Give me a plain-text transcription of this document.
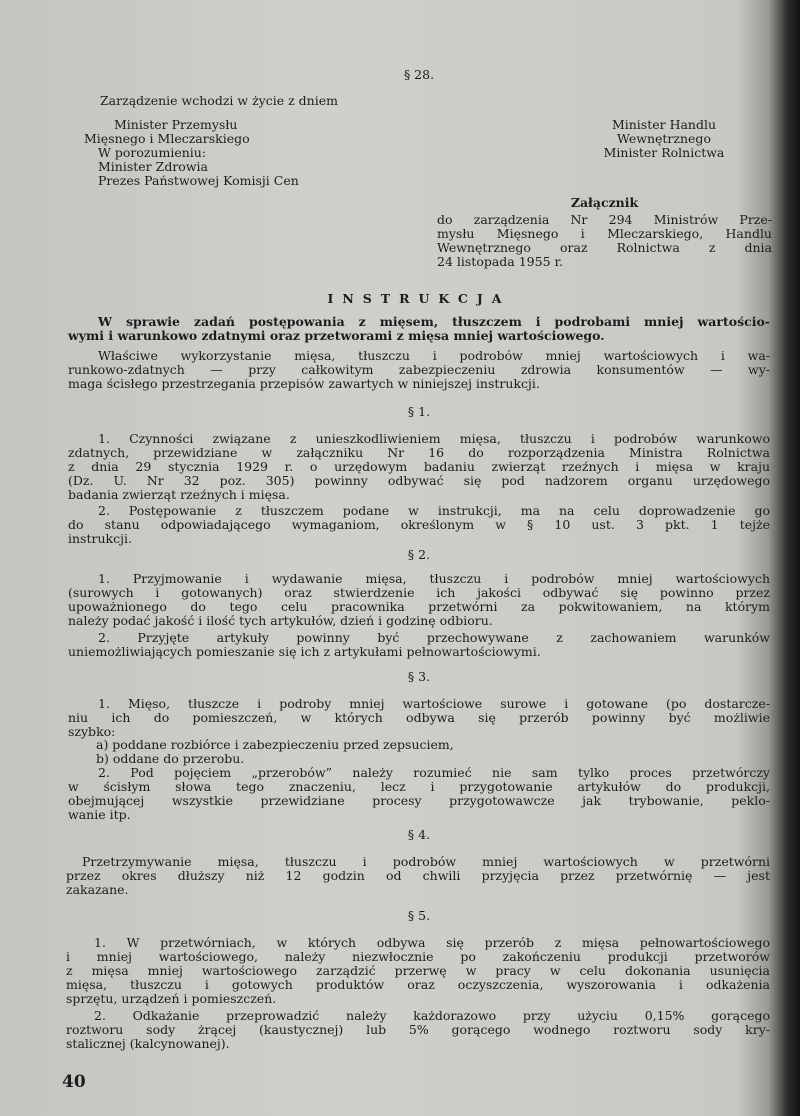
§ 28.
Zarządzenie wchodzi w życie z dniem
Minister Przemysłu
Mięsnego i Mleczarskiego
W porozumieniu:
Minister Zdrowia
Prezes Państwowej Komisji Cen
Minister Handlu
Wewnętrznego
Minister Rolnictwa
Załącznik
do zarządzenia Nr 294 Ministrów Prze-
mysłu Mięsnego i Mleczarskiego, Handlu
Wewnętrznego oraz Rolnictwa z dnia
24 listopada 1955 r.
INSTRUKCJA
W sprawie zadań postępowania z mięsem, tłuszczem i podrobami mniej wartościo-
wymi i warunkowo zdatnymi oraz przetworami z mięsa mniej wartościowego.
Właściwe wykorzystanie mięsa, tłuszczu i podrobów mniej wartościowych i wa-
runkowo-zdatnych — przy całkowitym zabezpieczeniu zdrowia konsumentów — wy-
maga ścisłego przestrzegania przepisów zawartych w niniejszej instrukcji.
§ 1.
1. Czynności związane z unieszkodliwieniem mięsa, tłuszczu i podrobów warunkowo
zdatnych, przewidziane w załączniku Nr 16 do rozporządzenia Ministra Rolnictwa
z dnia 29 stycznia 1929 r. o urzędowym badaniu zwierząt rzeźnych i mięsa w kraju
(Dz. U. Nr 32 poz. 305) powinny odbywać się pod nadzorem organu urzędowego
badania zwierząt rzeźnych i mięsa.
2. Postępowanie z tłuszczem podane w instrukcji, ma na celu doprowadzenie go
do stanu odpowiadającego wymaganiom, określonym w § 10 ust. 3 pkt. 1 tejże
instrukcji.
§ 2.
1. Przyjmowanie i wydawanie mięsa, tłuszczu i podrobów mniej wartościowych
(surowych i gotowanych) oraz stwierdzenie ich jakości odbywać się powinno przez
upoważnionego do tego celu pracownika przetwórni za pokwitowaniem, na którym
należy podać jakość i ilość tych artykułów, dzień i godzinę odbioru.
2. Przyjęte artykuły powinny być przechowywane z zachowaniem warunków
uniemożliwiających pomieszanie się ich z artykułami pełnowartościowymi.
§ 3.
1. Mięso, tłuszcze i podroby mniej wartościowe surowe i gotowane (po dostarcze-
niu ich do pomieszczeń, w których odbywa się przerób powinny być możliwie
szybko:
a) poddane rozbiórce i zabezpieczeniu przed zepsuciem,
b) oddane do przerobu.
2. Pod pojęciem „przerobów” należy rozumieć nie sam tylko proces przetwórczy
w ścisłym słowa tego znaczeniu, lecz i przygotowanie artykułów do produkcji,
obejmującej wszystkie przewidziane procesy przygotowawcze jak trybowanie, peklo-
wanie itp.
§ 4.
Przetrzymywanie mięsa, tłuszczu i podrobów mniej wartościowych w przetwórni
przez okres dłuższy niż 12 godzin od chwili przyjęcia przez przetwórnię — jest
zakazane.
§ 5.
1. W przetwórniach, w których odbywa się przerób z mięsa pełnowartościowego
i mniej wartościowego, należy niezwłocznie po zakończeniu produkcji przetworów
z mięsa mniej wartościowego zarządzić przerwę w pracy w celu dokonania usunięcia
mięsa, tłuszczu i gotowych produktów oraz oczyszczenia, wyszorowania i odkażenia
sprzętu, urządzeń i pomieszczeń.
2. Odkażanie przeprowadzić należy każdorazowo przy użyciu 0,15% gorącego
roztworu sody żrącej (kaustycznej) lub 5% gorącego wodnego roztworu sody kry-
stalicznej (kalcynowanej).
40
